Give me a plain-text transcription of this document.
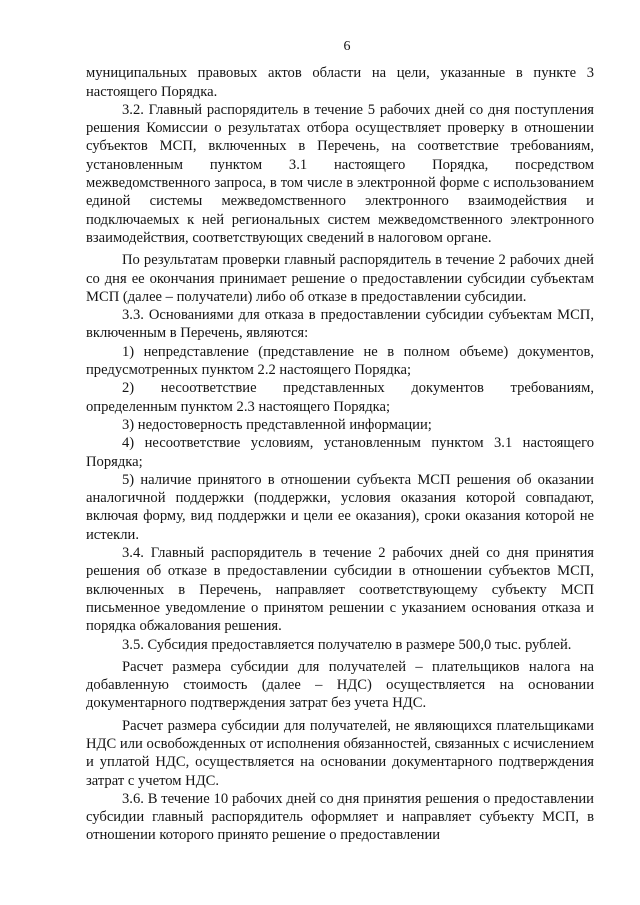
6

муниципальных правовых актов области на цели, указанные в пункте 3 настоящего Порядка.

3.2. Главный распорядитель в течение 5 рабочих дней со дня поступления решения Комиссии о результатах отбора осуществляет проверку в отношении субъектов МСП, включенных в Перечень, на соответствие требованиям, установленным пунктом 3.1 настоящего Порядка, посредством межведомственного запроса, в том числе в электронной форме с использованием единой системы межведомственного электронного взаимодействия и подключаемых к ней региональных систем межведомственного электронного взаимодействия, соответствующих сведений в налоговом органе.

По результатам проверки главный распорядитель в течение 2 рабочих дней со дня ее окончания принимает решение о предоставлении субсидии субъектам МСП (далее – получатели) либо об отказе в предоставлении субсидии.

3.3. Основаниями для отказа в предоставлении субсидии субъектам МСП, включенным в Перечень, являются:

1) непредставление (представление не в полном объеме) документов, предусмотренных пунктом 2.2 настоящего Порядка;

2) несоответствие представленных документов требованиям, определенным пунктом 2.3 настоящего Порядка;

3) недостоверность представленной информации;

4) несоответствие условиям, установленным пунктом 3.1 настоящего Порядка;

5) наличие принятого в отношении субъекта МСП решения об оказании аналогичной поддержки (поддержки, условия оказания которой совпадают, включая форму, вид поддержки и цели ее оказания), сроки оказания которой не истекли.

3.4. Главный распорядитель в течение 2 рабочих дней со дня принятия решения об отказе в предоставлении субсидии в отношении субъектов МСП, включенных в Перечень, направляет соответствующему субъекту МСП письменное уведомление о принятом решении с указанием основания отказа и порядка обжалования решения.

3.5. Субсидия предоставляется получателю в размере 500,0 тыс. рублей.

Расчет размера субсидии для получателей – плательщиков налога на добавленную стоимость (далее – НДС) осуществляется на основании документарного подтверждения затрат без учета НДС.

Расчет размера субсидии для получателей, не являющихся плательщиками НДС или освобожденных от исполнения обязанностей, связанных с исчислением и уплатой НДС, осуществляется на основании документарного подтверждения затрат с учетом НДС.

3.6. В течение 10 рабочих дней со дня принятия решения о предоставлении субсидии главный распорядитель оформляет и направляет субъекту МСП, в отношении которого принято решение о предоставлении
